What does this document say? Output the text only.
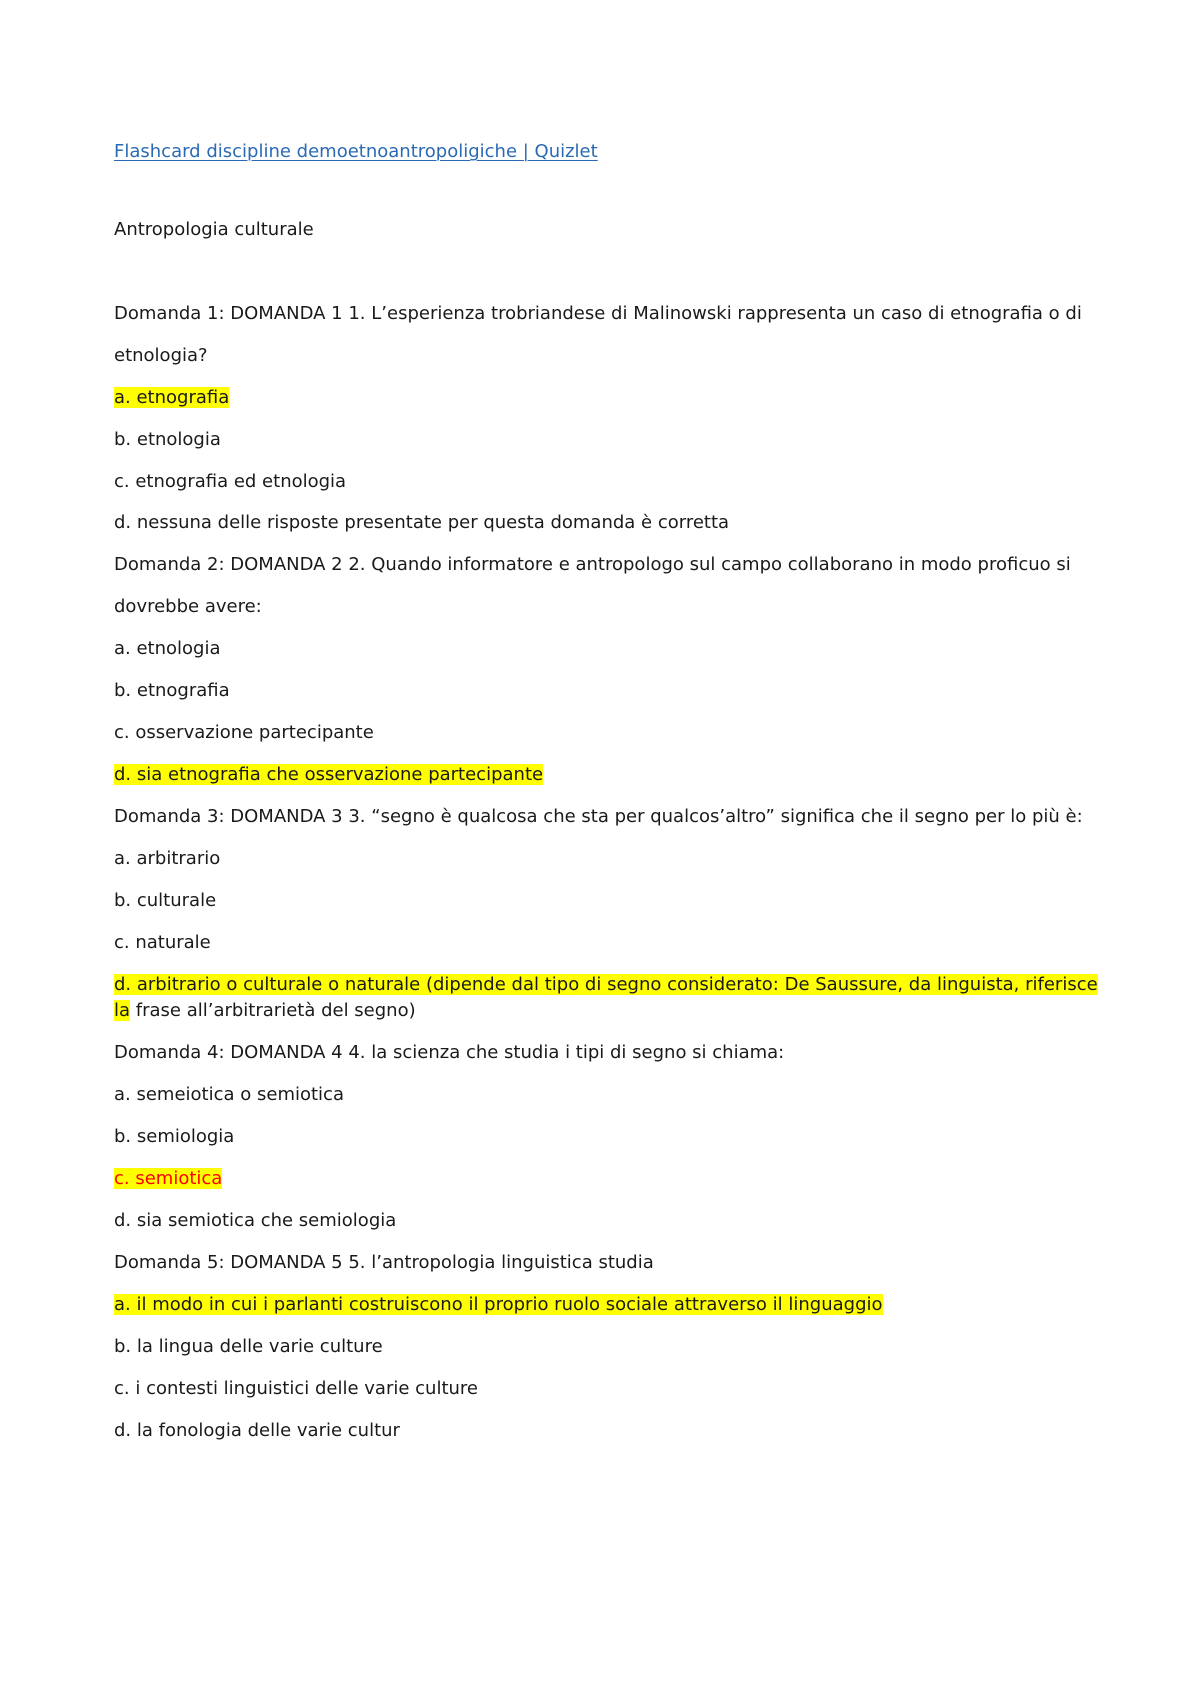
Flashcard discipline demoetnoantropoligiche | Quizlet

Antropologia culturale

Domanda 1: DOMANDA 1 1. L’esperienza trobriandese di Malinowski rappresenta un caso di etnografia o di

etnologia?

a. etnografia

b. etnologia

c. etnografia ed etnologia

d. nessuna delle risposte presentate per questa domanda è corretta

Domanda 2: DOMANDA 2 2. Quando informatore e antropologo sul campo collaborano in modo proficuo si

dovrebbe avere:

a. etnologia

b. etnografia

c. osservazione partecipante

d. sia etnografia che osservazione partecipante

Domanda 3: DOMANDA 3 3. “segno è qualcosa che sta per qualcos’altro” significa che il segno per lo più è:

a. arbitrario

b. culturale

c. naturale

d. arbitrario o culturale o naturale (dipende dal tipo di segno considerato: De Saussure, da linguista, riferisce

la frase all’arbitrarietà del segno)

Domanda 4: DOMANDA 4 4. la scienza che studia i tipi di segno si chiama:

a. semeiotica o semiotica

b. semiologia

c. semiotica

d. sia semiotica che semiologia

Domanda 5: DOMANDA 5 5. l’antropologia linguistica studia

a. il modo in cui i parlanti costruiscono il proprio ruolo sociale attraverso il linguaggio

b. la lingua delle varie culture

c. i contesti linguistici delle varie culture

d. la fonologia delle varie cultur
